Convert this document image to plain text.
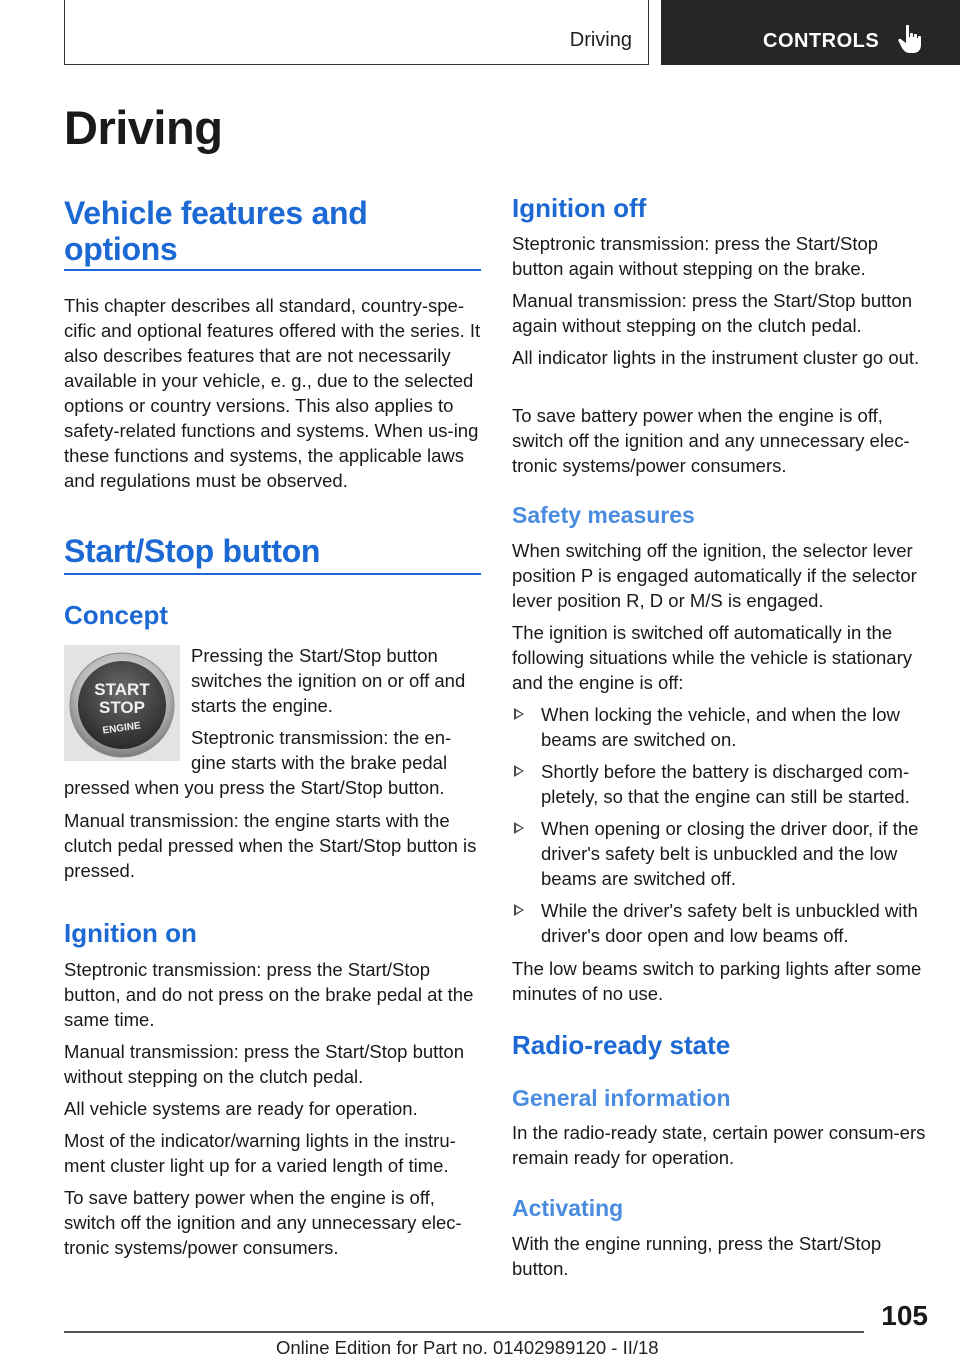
Driving	CONTROLS
Driving
Vehicle features and options
This chapter describes all standard, country-spe-cific and optional features offered with the series. It also describes features that are not necessarily available in your vehicle, e. g., due to the selected options or country versions. This also applies to safety-related functions and systems. When us-ing these functions and systems, the applicable laws and regulations must be observed.
Start/Stop button
Concept
START
STOP
ENGINE
Pressing the Start/Stop button switches the ignition on or off and starts the engine.
Steptronic transmission: the en-gine starts with the brake pedal
pressed when you press the Start/Stop button.
Manual transmission: the engine starts with the clutch pedal pressed when the Start/Stop button is pressed.
Ignition on
Steptronic transmission: press the Start/Stop button, and do not press on the brake pedal at the same time.
Manual transmission: press the Start/Stop button without stepping on the clutch pedal.
All vehicle systems are ready for operation.
Most of the indicator/warning lights in the instru-ment cluster light up for a varied length of time.
To save battery power when the engine is off, switch off the ignition and any unnecessary elec-tronic systems/power consumers.
Ignition off
Steptronic transmission: press the Start/Stop button again without stepping on the brake.
Manual transmission: press the Start/Stop button again without stepping on the clutch pedal.
All indicator lights in the instrument cluster go out.
To save battery power when the engine is off, switch off the ignition and any unnecessary elec-tronic systems/power consumers.
Safety measures
When switching off the ignition, the selector lever position P is engaged automatically if the selector lever position R, D or M/S is engaged.
The ignition is switched off automatically in the following situations while the vehicle is stationary and the engine is off:
When locking the vehicle, and when the low beams are switched on.
Shortly before the battery is discharged com-pletely, so that the engine can still be started.
When opening or closing the driver door, if the driver's safety belt is unbuckled and the low beams are switched off.
While the driver's safety belt is unbuckled with driver's door open and low beams off.
The low beams switch to parking lights after some minutes of no use.
Radio-ready state
General information
In the radio-ready state, certain power consum-ers remain ready for operation.
Activating
With the engine running, press the Start/Stop button.
105
Online Edition for Part no. 01402989120 - II/18
